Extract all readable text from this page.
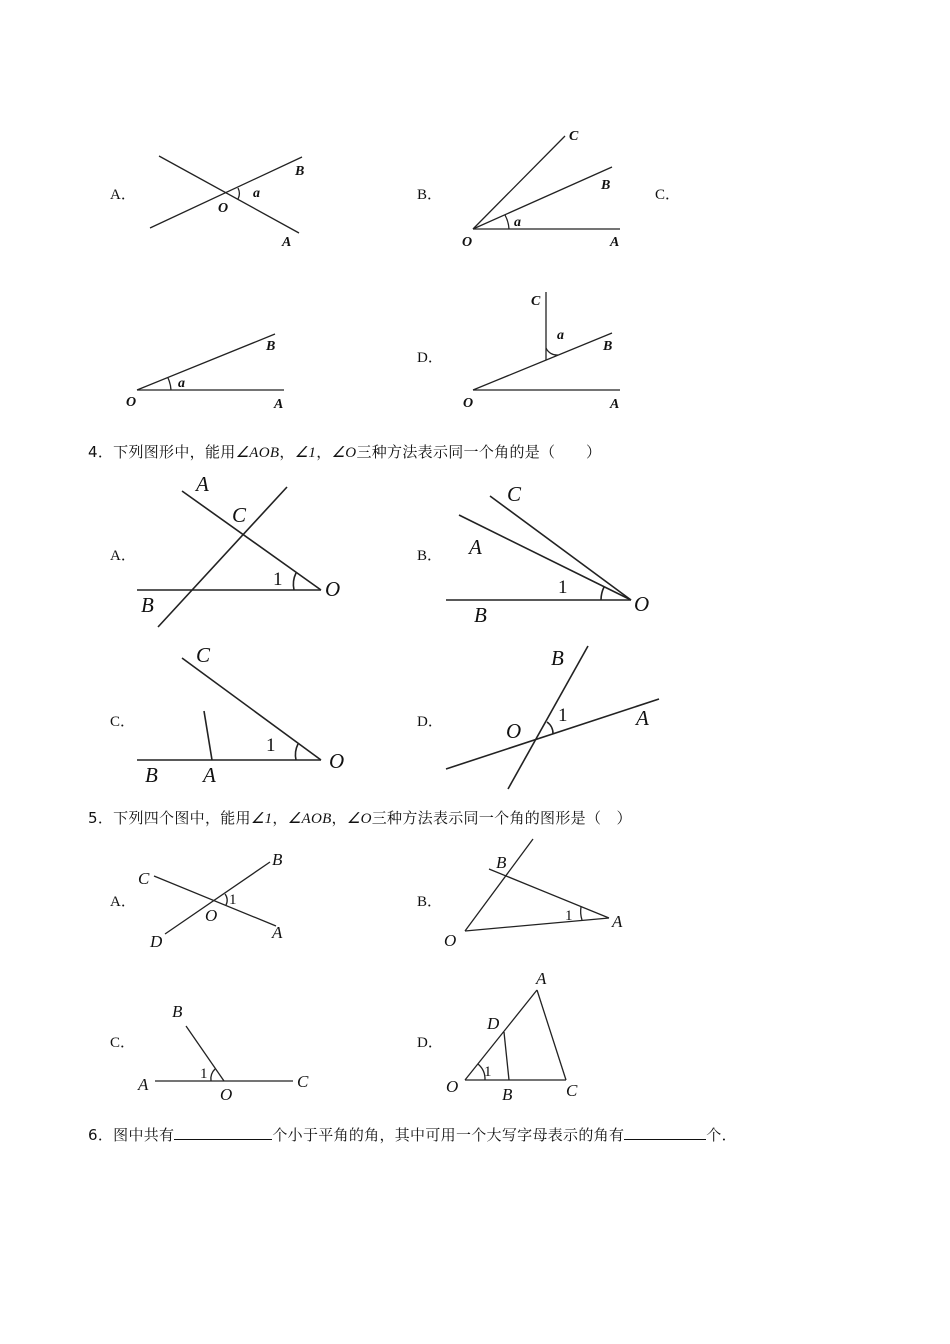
A．	B．	C．
D．
B
O
a
A
C
B
O
a
A
B
O
a
A
C
a
B
O	A
A
C
B
1 O
C
A
1
B	O
C
B A
1
O
B
1
O
A
C
B
1
O
D	A
B
O
1 A
B
A
1
O
C
A
D
O
1
B	C
4．下列图形中，能用∠AOB，∠1，∠O三种方法表示同一个角的是（　　）
A．	B．
C．	D．
5．下列四个图中，能用∠1，∠AOB，∠O三种方法表示同一个角的图形是（　）
A．	B．
C．	D．
6．图中共有	个小于平角的角，其中可用一个大写字母表示的角有	个．
